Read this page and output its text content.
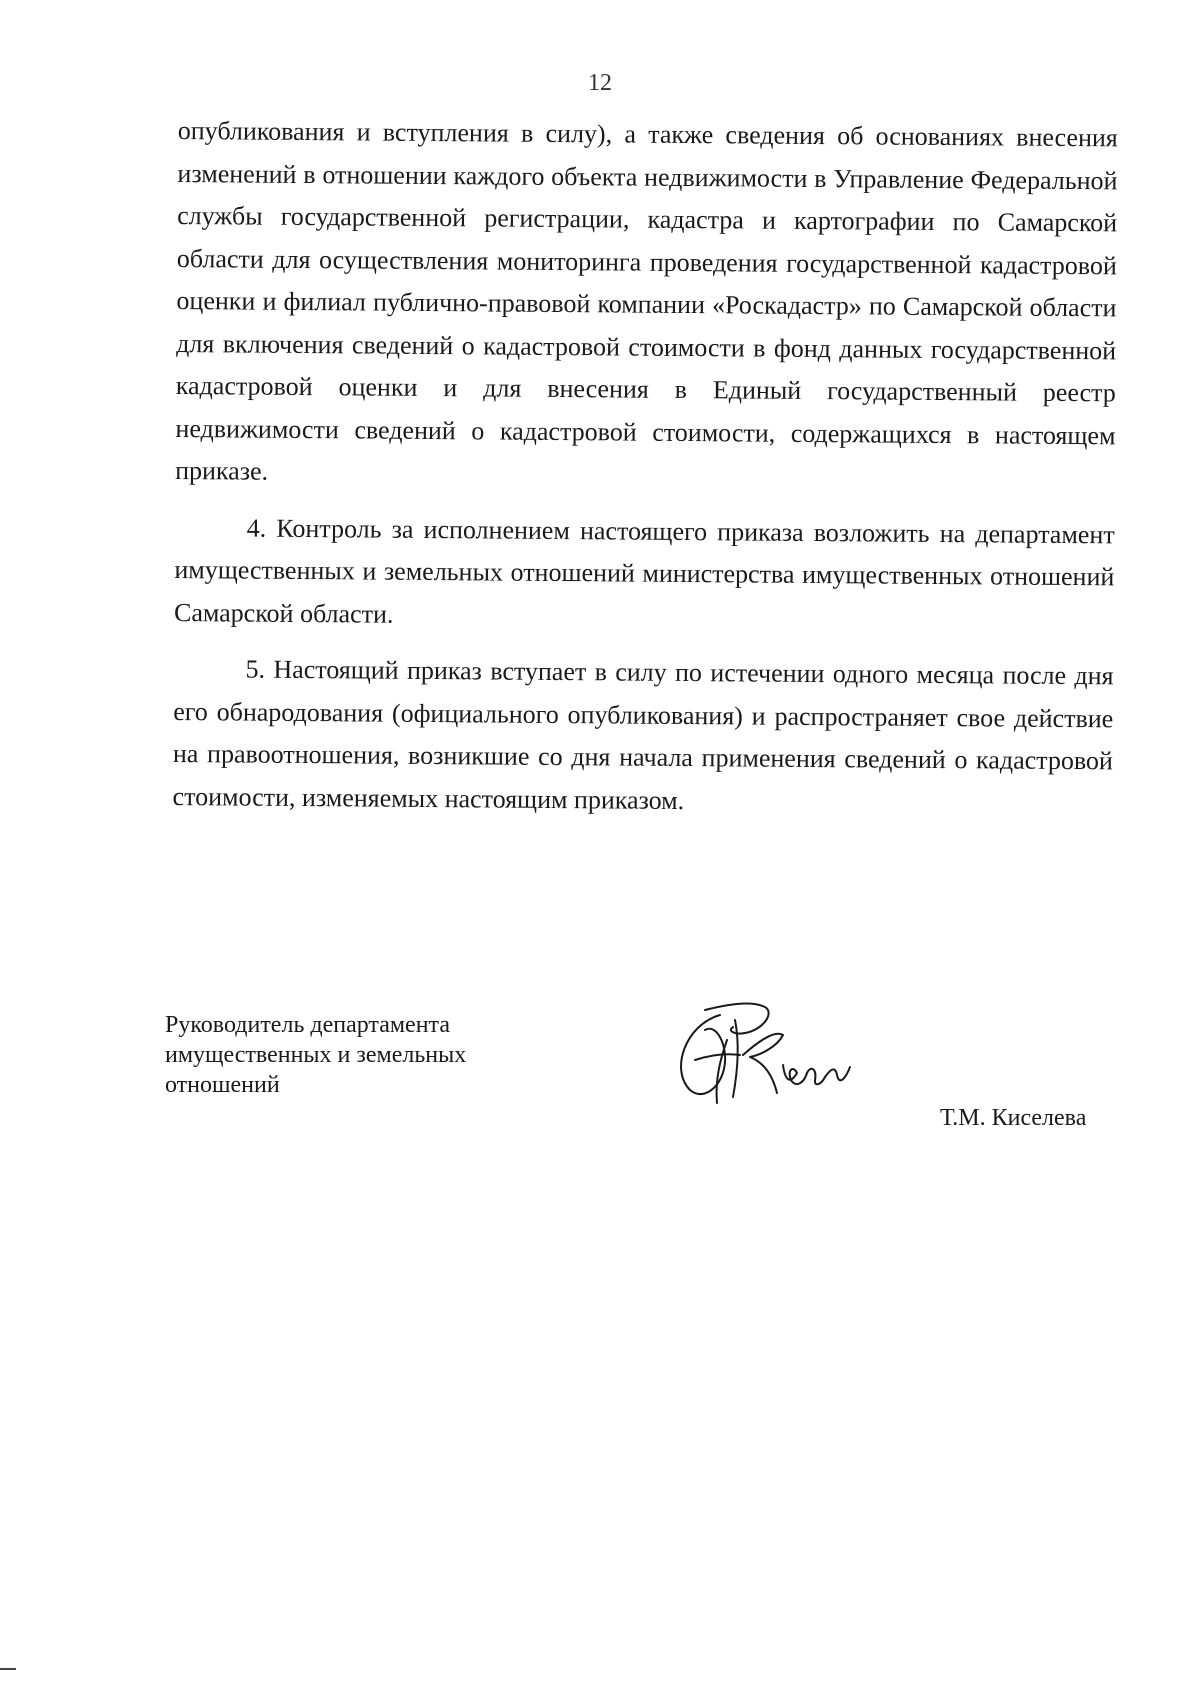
12

опубликования и вступления в силу), а также сведения об основаниях внесения изменений в отношении каждого объекта недвижимости в Управление Федеральной службы государственной регистрации, кадастра и картографии по Самарской области для осуществления мониторинга проведения государственной кадастровой оценки и филиал публично-правовой компании «Роскадастр» по Самарской области для включения сведений о кадастровой стоимости в фонд данных государственной кадастровой оценки и для внесения в Единый государственный реестр недвижимости сведений о кадастровой стоимости, содержащихся в настоящем приказе.

4. Контроль за исполнением настоящего приказа возложить на департамент имущественных и земельных отношений министерства имущественных отношений Самарской области.

5. Настоящий приказ вступает в силу по истечении одного месяца после дня его обнародования (официального опубликования) и распространяет свое действие на правоотношения, возникшие со дня начала применения сведений о кадастровой стоимости, изменяемых настоящим приказом.

Руководитель департамента
имущественных и земельных
отношений
Т.М. Киселева
